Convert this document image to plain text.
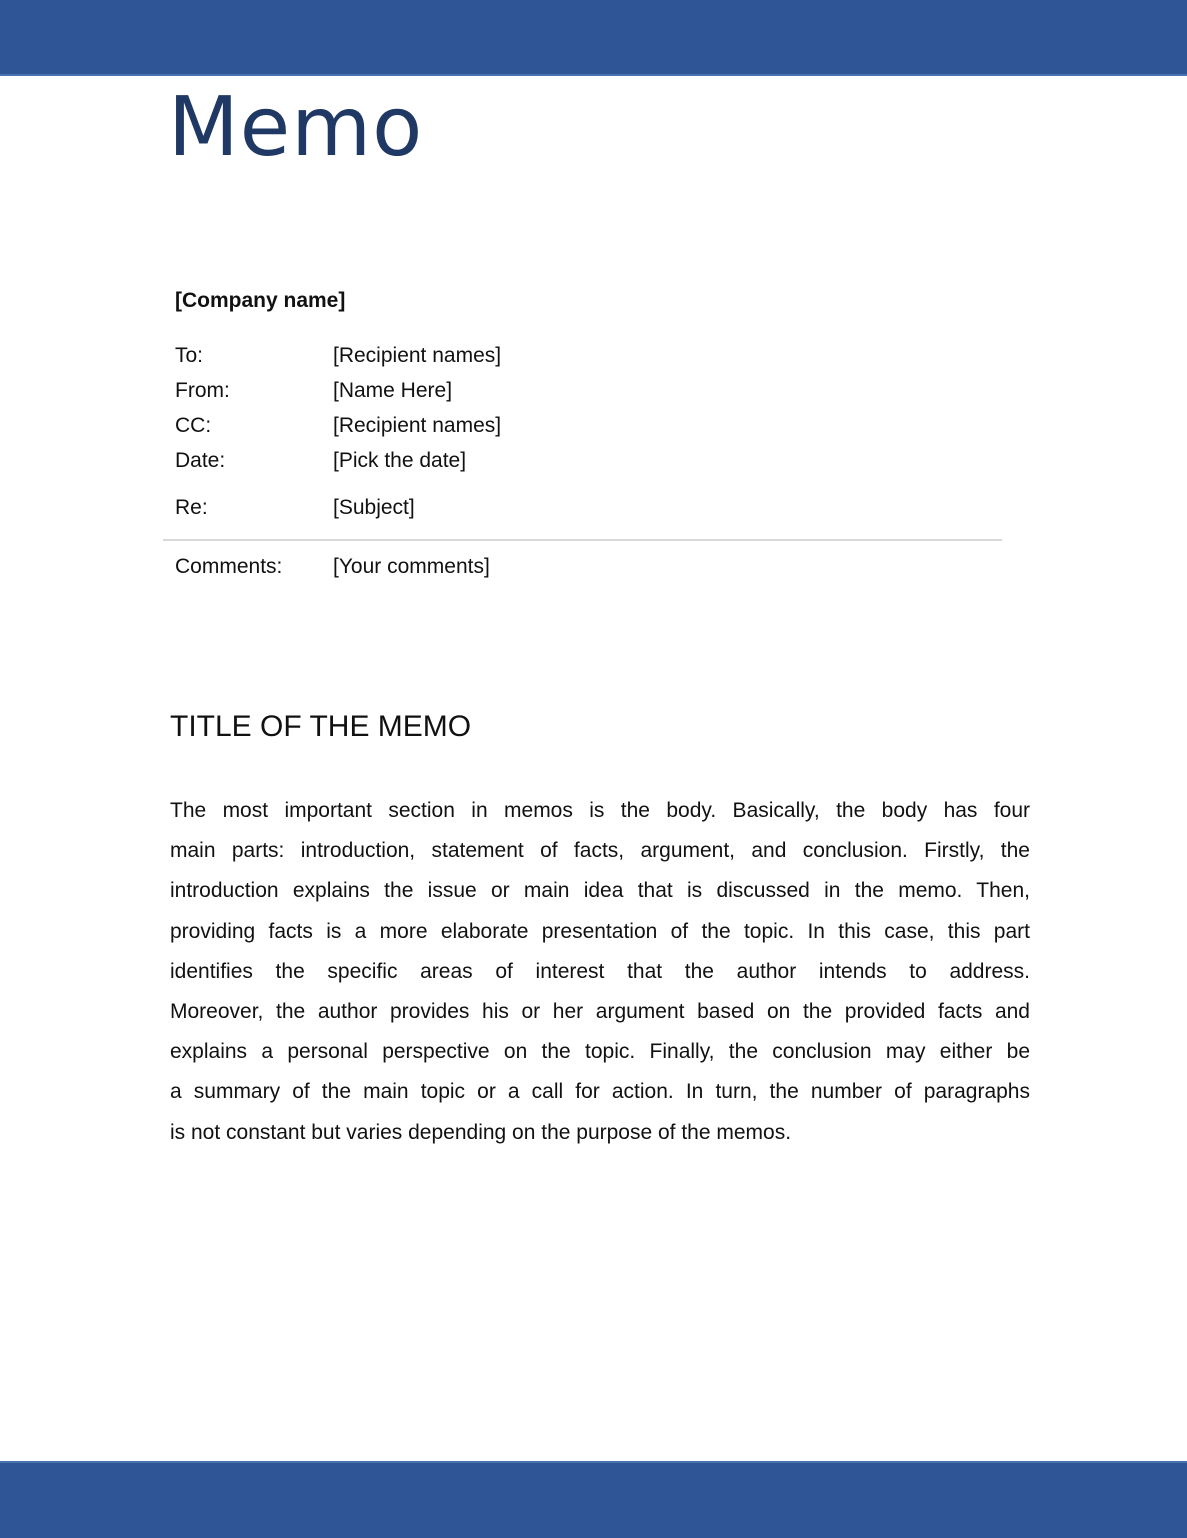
Memo
[Company name]
To:	[Recipient names]
From:	[Name Here]
CC:	[Recipient names]
Date:	[Pick the date]
Re:	[Subject]
Comments: [Your comments]
TITLE OF THE MEMO
The most important section in memos is the body. Basically, the body has four
main parts: introduction, statement of facts, argument, and conclusion. Firstly, the
introduction explains the issue or main idea that is discussed in the memo. Then,
providing facts is a more elaborate presentation of the topic. In this case, this part
identifies the specific areas of interest that the author intends to address.
Moreover, the author provides his or her argument based on the provided facts and
explains a personal perspective on the topic. Finally, the conclusion may either be
a summary of the main topic or a call for action. In turn, the number of paragraphs
is not constant but varies depending on the purpose of the memos.
